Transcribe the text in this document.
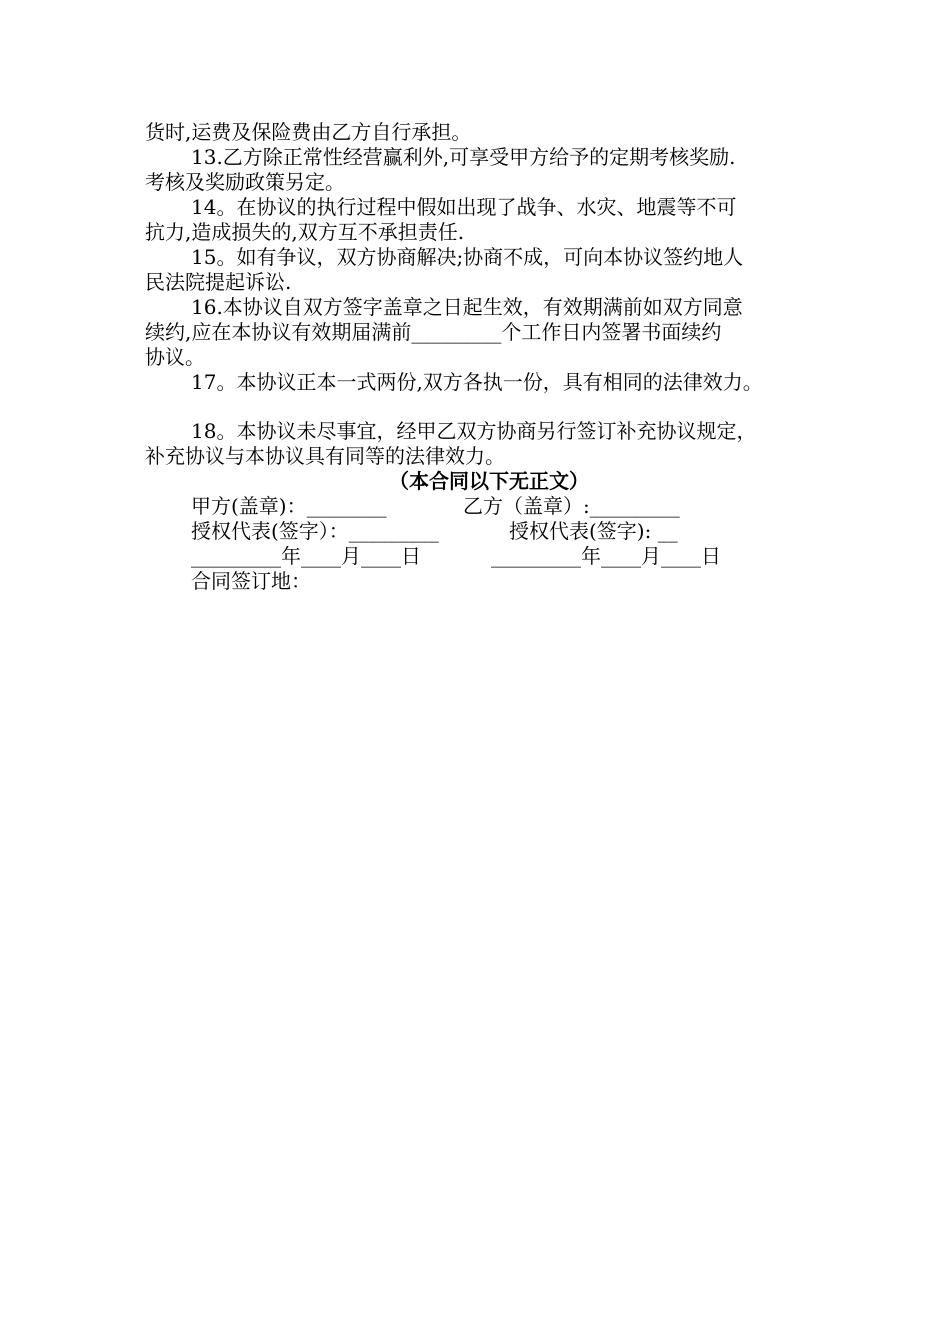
货时,运费及保险费由乙方自行承担。
13.乙方除正常性经营赢利外,可享受甲方给予的定期考核奖励.
考核及奖励政策另定。
14。在协议的执行过程中假如出现了战争、水灾、地震等不可
抗力,造成损失的,双方互不承担责任.
15。如有争议，双方协商解决;协商不成，可向本协议签约地人
民法院提起诉讼.
16.本协议自双方签字盖章之日起生效，有效期满前如双方同意
续约,应在本协议有效期届满前_________个工作日内签署书面续约
协议。
17。本协议正本一式两份,双方各执一份，具有相同的法律效力。
18。本协议未尽事宜，经甲乙双方协商另行签订补充协议规定，
补充协议与本协议具有同等的法律效力。
（本合同以下无正文）
甲方(盖章)：________	乙方（盖章）:_________
授权代表(签字）：_________	授权代表(签字): __
_________年____月____日	_________年____月____日
合同签订地：
